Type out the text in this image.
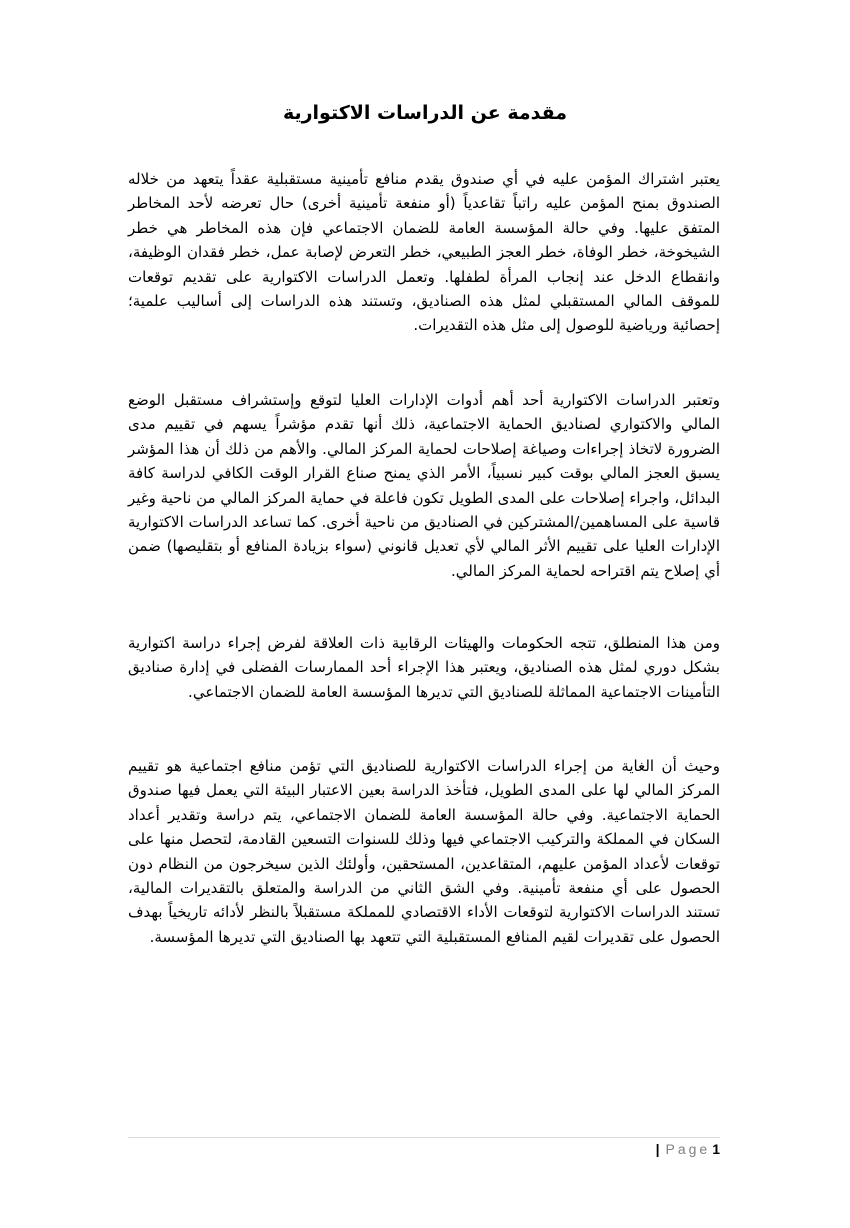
مقدمة عن الدراسات الاكتوارية

يعتبر اشتراك المؤمن عليه في أي صندوق يقدم منافع تأمينية مستقبلية عقداً يتعهد من خلاله الصندوق بمنح المؤمن عليه راتباً تقاعدياً (أو منفعة تأمينية أخرى) حال تعرضه لأحد المخاطر المتفق عليها. وفي حالة المؤسسة العامة للضمان الاجتماعي فإن هذه المخاطر هي خطر الشيخوخة، خطر الوفاة، خطر العجز الطبيعي، خطر التعرض لإصابة عمل، خطر فقدان الوظيفة، وانقطاع الدخل عند إنجاب المرأة لطفلها. وتعمل الدراسات الاكتوارية على تقديم توقعات للموقف المالي المستقبلي لمثل هذه الصناديق، وتستند هذه الدراسات إلى أساليب علمية؛ إحصائية ورياضية للوصول إلى مثل هذه التقديرات.

وتعتبر الدراسات الاكتوارية أحد أهم أدوات الإدارات العليا لتوقع وإستشراف مستقبل الوضع المالي والاكتواري لصناديق الحماية الاجتماعية، ذلك أنها تقدم مؤشراً يسهم في تقييم مدى الضرورة لاتخاذ إجراءات وصياغة إصلاحات لحماية المركز المالي. والأهم من ذلك أن هذا المؤشر يسبق العجز المالي بوقت كبير نسبياً، الأمر الذي يمنح صناع القرار الوقت الكافي لدراسة كافة البدائل، واجراء إصلاحات على المدى الطويل تكون فاعلة في حماية المركز المالي من ناحية وغير قاسية على المساهمين/المشتركين في الصناديق من ناحية أخرى. كما تساعد الدراسات الاكتوارية الإدارات العليا على تقييم الأثر المالي لأي تعديل قانوني (سواء بزيادة المنافع أو بتقليصها) ضمن أي إصلاح يتم اقتراحه لحماية المركز المالي.

ومن هذا المنطلق، تتجه الحكومات والهيئات الرقابية ذات العلاقة لفرض إجراء دراسة اكتوارية بشكل دوري لمثل هذه الصناديق، ويعتبر هذا الإجراء أحد الممارسات الفضلى في إدارة صناديق التأمينات الاجتماعية المماثلة للصناديق التي تديرها المؤسسة العامة للضمان الاجتماعي.

وحيث أن الغاية من إجراء الدراسات الاكتوارية للصناديق التي تؤمن منافع اجتماعية هو تقييم المركز المالي لها على المدى الطويل، فتأخذ الدراسة بعين الاعتبار البيئة التي يعمل فيها صندوق الحماية الاجتماعية. وفي حالة المؤسسة العامة للضمان الاجتماعي، يتم دراسة وتقدير أعداد السكان في المملكة والتركيب الاجتماعي فيها وذلك للسنوات التسعين القادمة، لتحصل منها على توقعات لأعداد المؤمن عليهم، المتقاعدين، المستحقين، وأولئك الذين سيخرجون من النظام دون الحصول على أي منفعة تأمينية. وفي الشق الثاني من الدراسة والمتعلق بالتقديرات المالية، تستند الدراسات الاكتوارية لتوقعات الأداء الاقتصادي للمملكة مستقبلاً بالنظر لأدائه تاريخياً بهدف الحصول على تقديرات لقيم المنافع المستقبلية التي تتعهد بها الصناديق التي تديرها المؤسسة.

| Page 1
